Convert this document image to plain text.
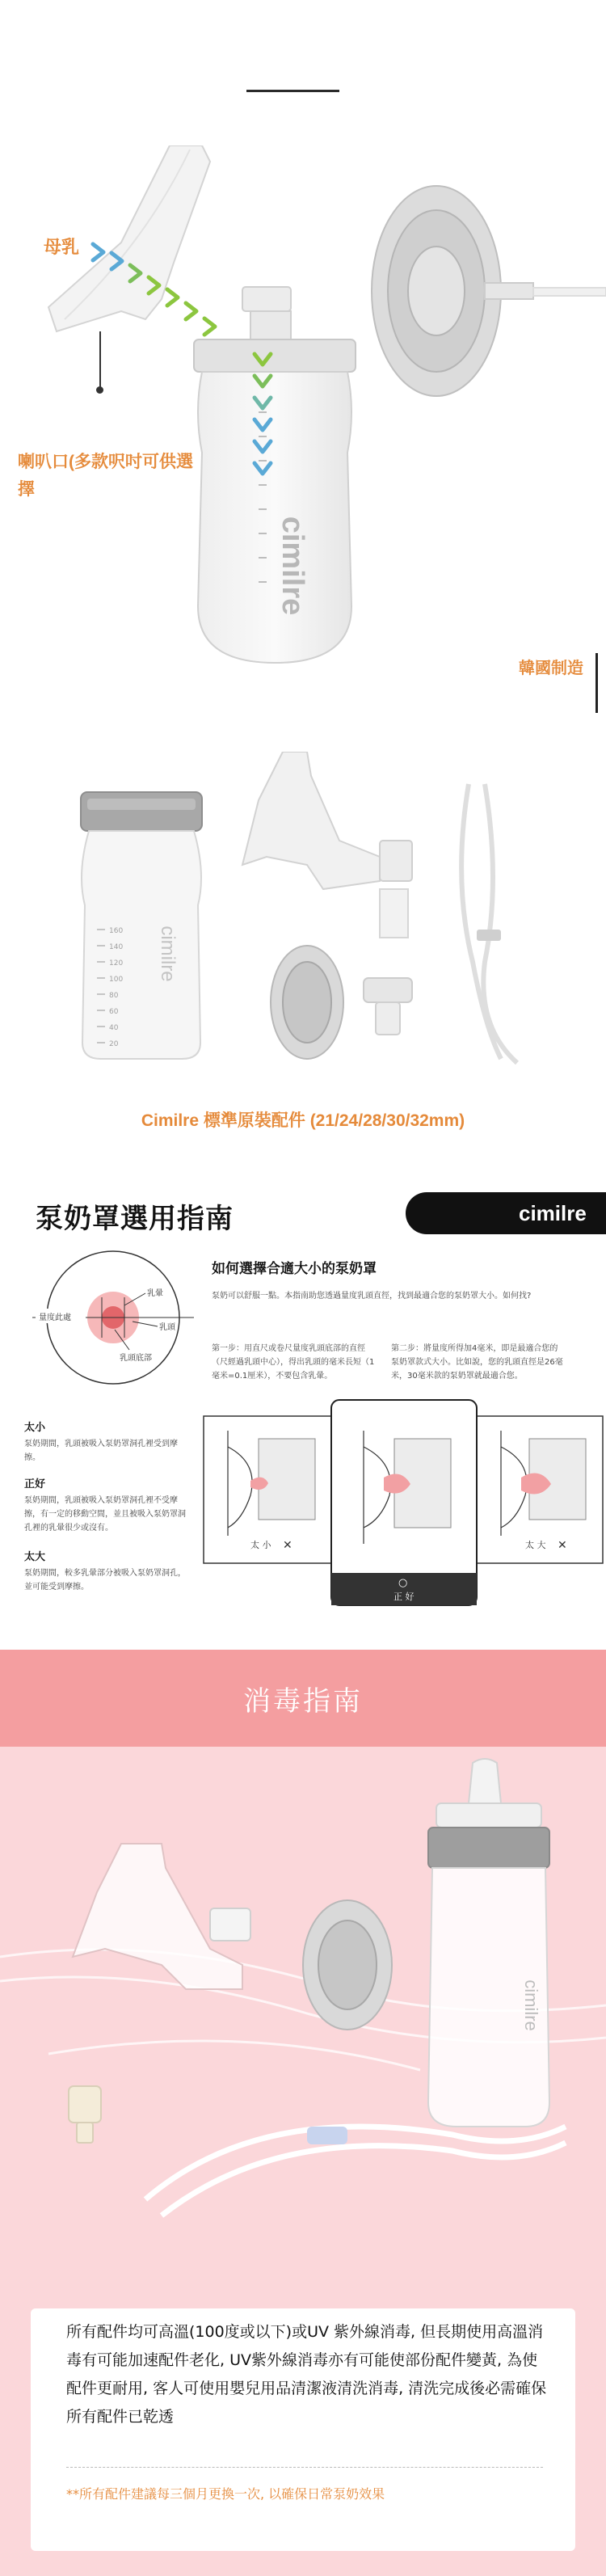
cimilre
母乳
喇叭口(多款呎吋可供選擇
韓國制造
160
140
120
100
80
60
40
20
cimilre
Cimilre 標準原裝配件 (21/24/28/30/32mm)
泵奶罩選用指南	cimilre
量度此處
乳暈
乳頭
乳頭底部
如何選擇合適大小的泵奶罩
泵奶可以舒服一點。本指南助您透過量度乳頭直徑，找到最適合您的泵奶罩大小。如何找?
第一步：用直尺或卷尺量度乳頭底部的直徑（尺經過乳頭中心），得出乳頭的毫米長短（1毫米=0.1厘米），不要包含乳暈。
第二步：將量度所得加4毫米，即是最適合您的泵奶罩款式大小。比如說，您的乳頭直徑是26毫米，30毫米款的泵奶罩就最適合您。
太小
泵奶期間，乳頭被吸入泵奶罩洞孔裡受到摩擦。
正好
泵奶期間，乳頭被吸入泵奶罩洞孔裡不受摩擦，有一定的移動空間，並且被吸入泵奶罩洞孔裡的乳暈很少或沒有。
太大
泵奶期間，較多乳暈部分被吸入泵奶罩洞孔，並可能受到摩擦。
太 小 ✕
○
正 好
太 大 ✕
消毒指南
cimilre
所有配件均可高溫(100度或以下)或UV 紫外線消毒, 但長期使用高溫消毒有可能加速配件老化, UV紫外線消毒亦有可能使部份配件變黃, 為使配件更耐用, 客人可使用嬰兒用品清潔液清洗消毒, 清洗完成後必需確保所有配件已乾透
**所有配件建議每三個月更換一次, 以確保日常泵奶效果
